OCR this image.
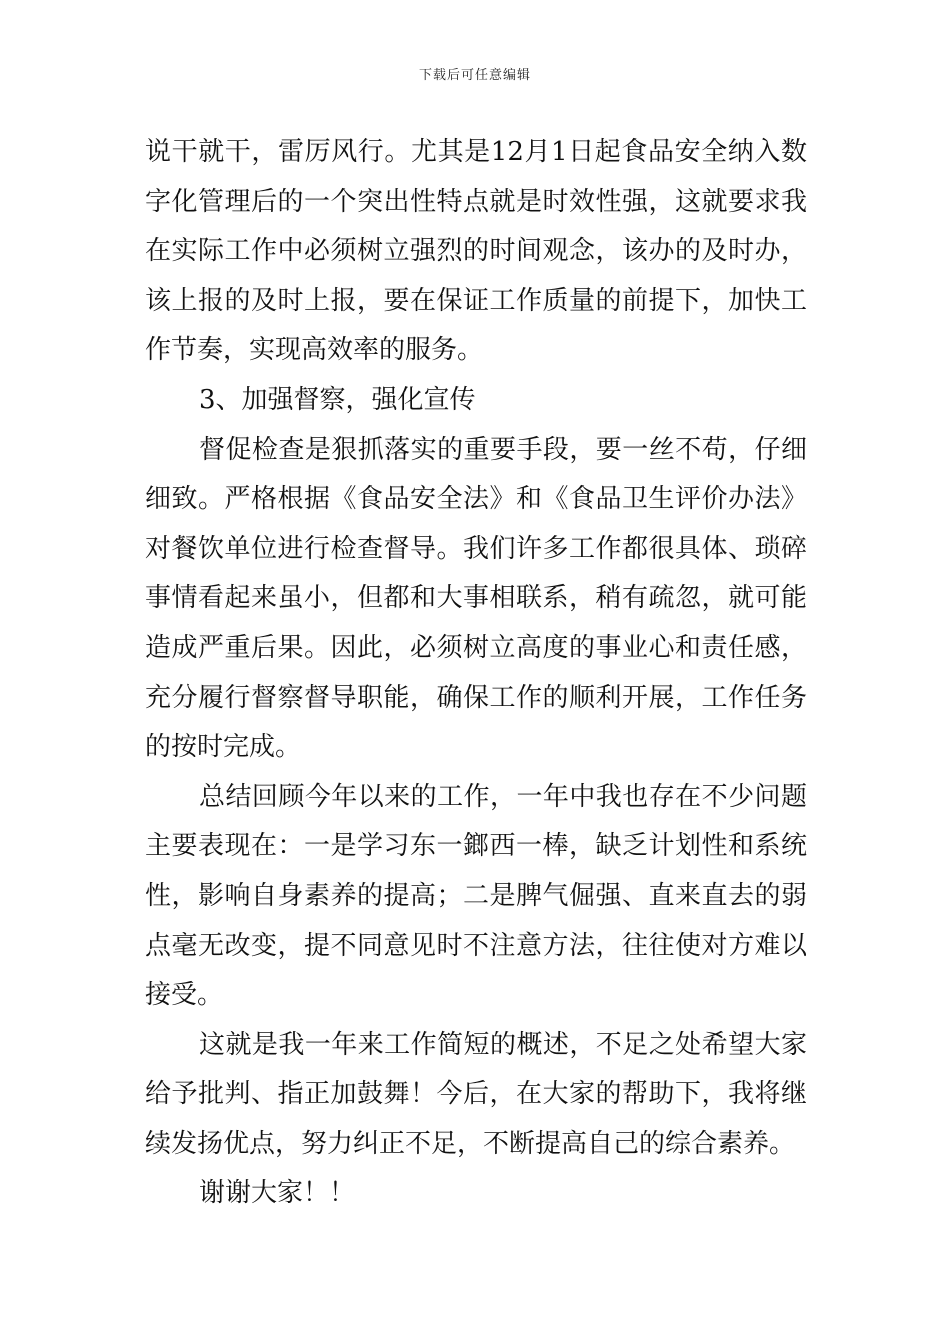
下载后可任意编辑
说干就干，雷厉风行。尤其是12月1日起食品安全纳入数
字化管理后的一个突出性特点就是时效性强，这就要求我
在实际工作中必须树立强烈的时间观念，该办的及时办，
该上报的及时上报，要在保证工作质量的前提下，加快工
作节奏，实现高效率的服务。
3、加强督察，强化宣传
督促检查是狠抓落实的重要手段，要一丝不苟，仔细
细致。严格根据《食品安全法》和《食品卫生评价办法》
对餐饮单位进行检查督导。我们许多工作都很具体、琐碎
事情看起来虽小，但都和大事相联系，稍有疏忽，就可能
造成严重后果。因此，必须树立高度的事业心和责任感，
充分履行督察督导职能，确保工作的顺利开展，工作任务
的按时完成。
总结回顾今年以来的工作，一年中我也存在不少问题
主要表现在：一是学习东一鎯西一棒，缺乏计划性和系统
性，影响自身素养的提高；二是脾气倔强、直来直去的弱
点毫无改变，提不同意见时不注意方法，往往使对方难以
接受。
这就是我一年来工作简短的概述，不足之处希望大家
给予批判、指正加鼓舞！今后，在大家的帮助下，我将继
续发扬优点，努力纠正不足，不断提高自己的综合素养。
谢谢大家！！
